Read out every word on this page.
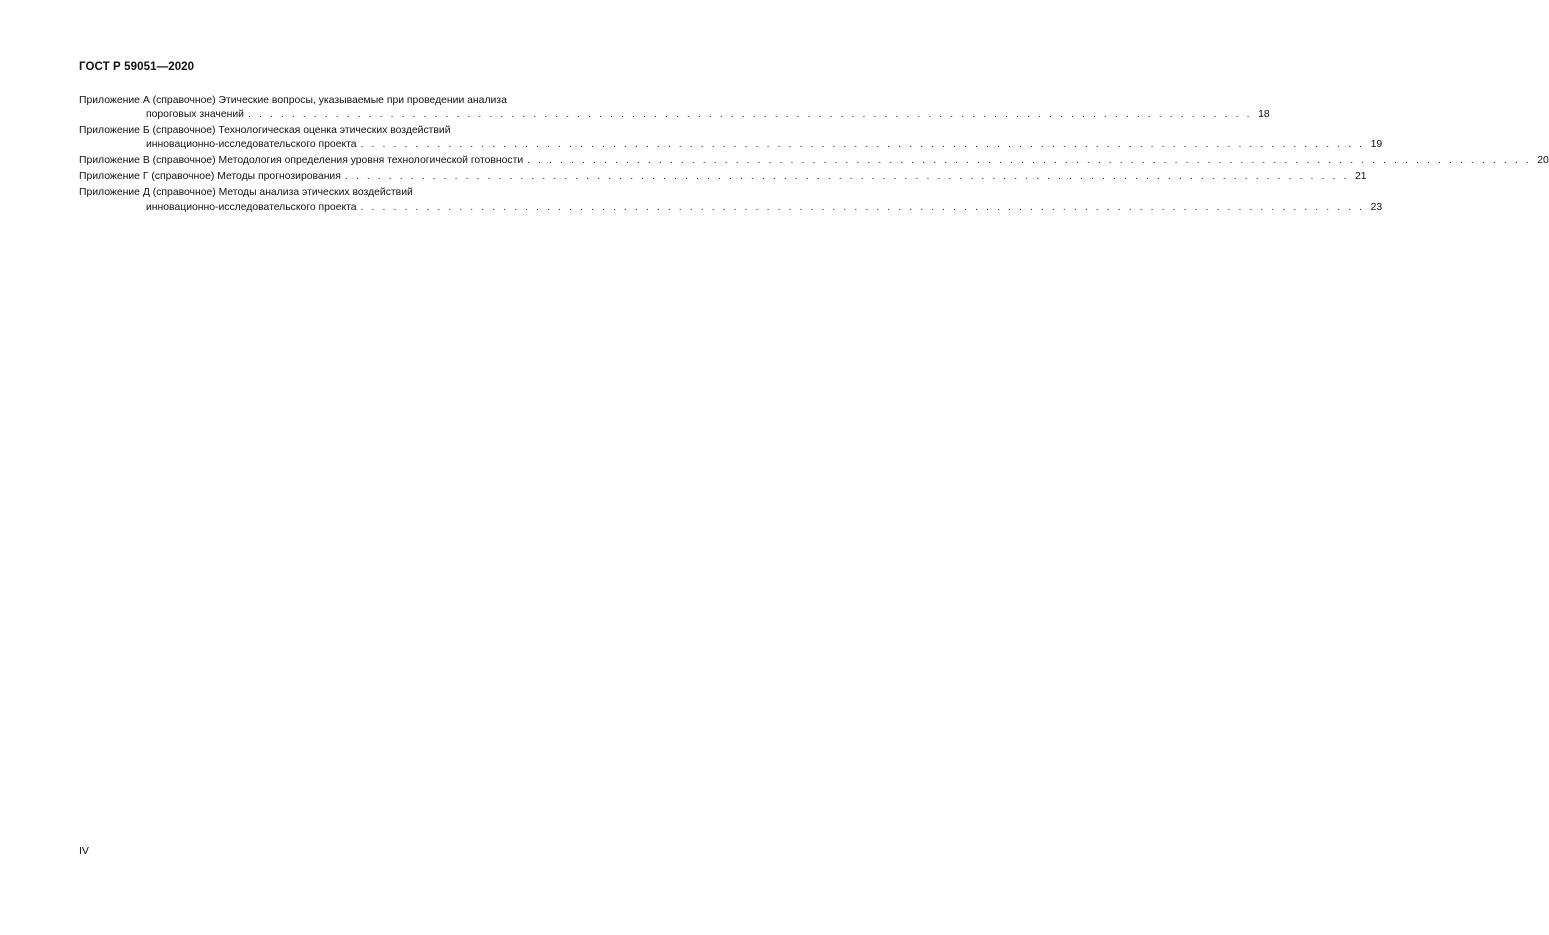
ГОСТ Р 59051—2020
Приложение А (справочное) Этические вопросы, указываемые при проведении анализа
пороговых значений . . . . . . . . . . . . . . . . . . . . . . . . . . . . . . . . . . . . . . . . . . . . . . . . . . . . . . . . . . . . . . . . . . . . . . . . . . . . . . . . . . . . . . . . . . . . 18
Приложение Б (справочное) Технологическая оценка этических воздействий
инновационно-исследовательского проекта . . . . . . . . . . . . . . . . . . . . . . . . . . . . . . . . . . . . . . . . . . . . . . . . . . . . . . . . . . . . . . . . . . . . . . . . . . . . . . . . . . . . . . . . . . . . 19
Приложение В (справочное) Методология определения уровня технологической готовности . . . . . . . . . . . . . . . . . . . . . . . . . . . . . . . . . . . . . . . . . . . . . . . . . . . . . . . . . . . . . . . . . . . . . . . . . . . . . . . . . . . . . . . . . . . . 20
Приложение Г (справочное) Методы прогнозирования . . . . . . . . . . . . . . . . . . . . . . . . . . . . . . . . . . . . . . . . . . . . . . . . . . . . . . . . . . . . . . . . . . . . . . . . . . . . . . . . . . . . . . . . . . . . 21
Приложение Д (справочное) Методы анализа этических воздействий
инновационно-исследовательского проекта . . . . . . . . . . . . . . . . . . . . . . . . . . . . . . . . . . . . . . . . . . . . . . . . . . . . . . . . . . . . . . . . . . . . . . . . . . . . . . . . . . . . . . . . . . . . 23
IV
